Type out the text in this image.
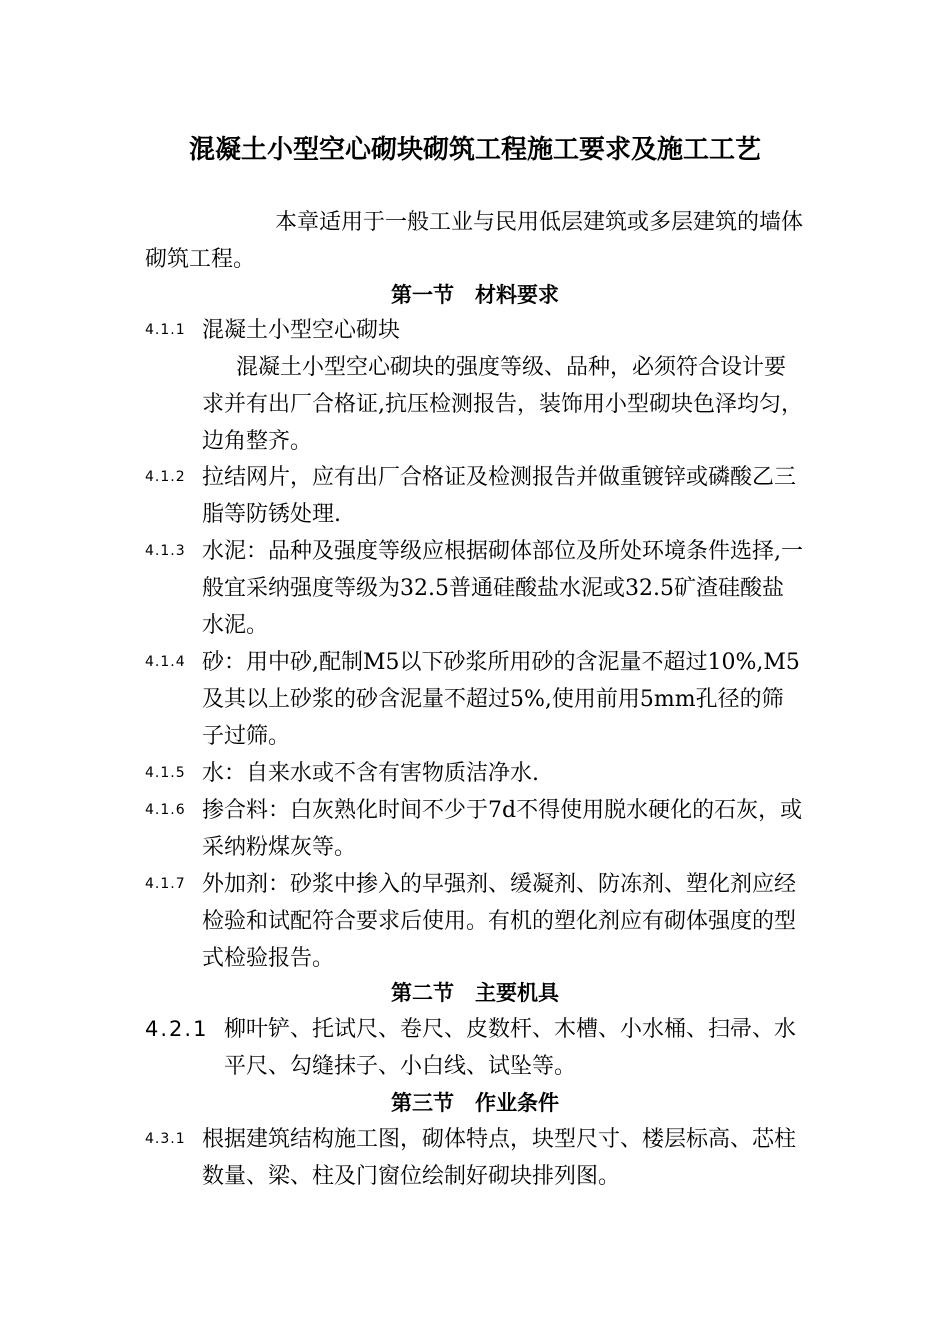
混凝土小型空心砌块砌筑工程施工要求及施工工艺
本章适用于一般工业与民用低层建筑或多层建筑的墙体砌筑工程。
第一节　材料要求
4.1.1 混凝土小型空心砌块
混凝土小型空心砌块的强度等级、品种，必须符合设计要求并有出厂合格证,抗压检测报告，装饰用小型砌块色泽均匀，边角整齐。
4.1.2 拉结网片，应有出厂合格证及检测报告并做重镀锌或磷酸乙三脂等防锈处理.
4.1.3 水泥：品种及强度等级应根据砌体部位及所处环境条件选择,一般宜采纳强度等级为32.5普通硅酸盐水泥或32.5矿渣硅酸盐水泥。
4.1.4 砂：用中砂,配制M5以下砂浆所用砂的含泥量不超过10%,M5及其以上砂浆的砂含泥量不超过5%,使用前用5mm孔径的筛子过筛。
4.1.5 水：自来水或不含有害物质洁净水.
4.1.6 掺合料：白灰熟化时间不少于7d不得使用脱水硬化的石灰，或采纳粉煤灰等。
4.1.7 外加剂：砂浆中掺入的早强剂、缓凝剂、防冻剂、塑化剂应经检验和试配符合要求后使用。有机的塑化剂应有砌体强度的型式检验报告。
第二节　主要机具
4.2.1 柳叶铲、托试尺、卷尺、皮数杆、木槽、小水桶、扫帚、水平尺、勾缝抹子、小白线、试坠等。
第三节　作业条件
4.3.1 根据建筑结构施工图，砌体特点，块型尺寸、楼层标高、芯柱数量、梁、柱及门窗位绘制好砌块排列图。
